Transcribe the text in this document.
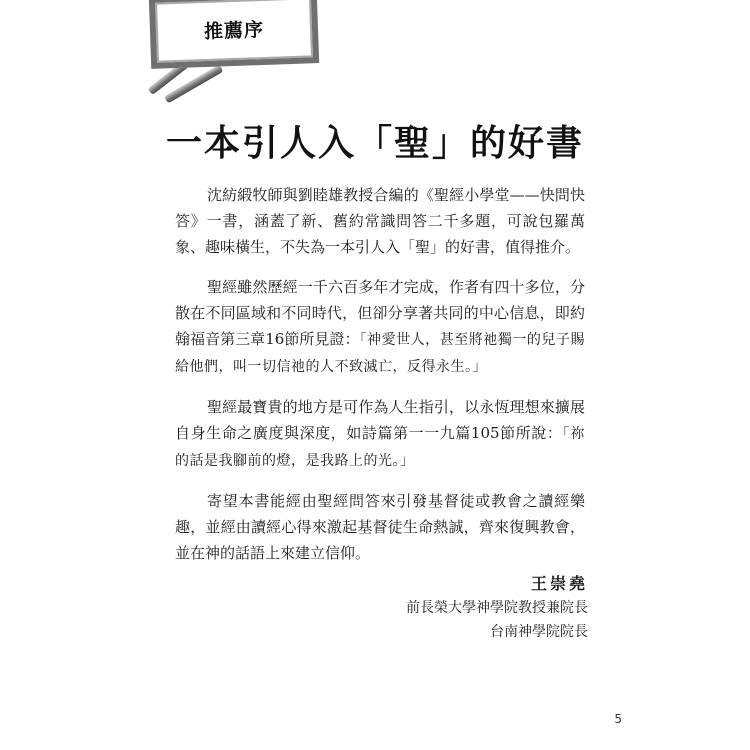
推薦序
一本引人入「聖」的好書

沈紡緞牧師與劉睦雄教授合編的《聖經小學堂——快問快答》一書，涵蓋了新、舊約常識問答二千多題，可說包羅萬象、趣味橫生，不失為一本引人入「聖」的好書，值得推介。

聖經雖然歷經一千六百多年才完成，作者有四十多位，分散在不同區域和不同時代，但卻分享著共同的中心信息，即約翰福音第三章16節所見證：「神愛世人，甚至將祂獨一的兒子賜給他們，叫一切信祂的人不致滅亡，反得永生。」

聖經最寶貴的地方是可作為人生指引，以永恆理想來擴展自身生命之廣度與深度，如詩篇第一一九篇105節所說：「祢的話是我腳前的燈，是我路上的光。」

寄望本書能經由聖經問答來引發基督徒或教會之讀經樂趣，並經由讀經心得來激起基督徒生命熱誠，齊來復興教會，並在神的話語上來建立信仰。

王崇堯
前長榮大學神學院教授兼院長
台南神學院院長
5
